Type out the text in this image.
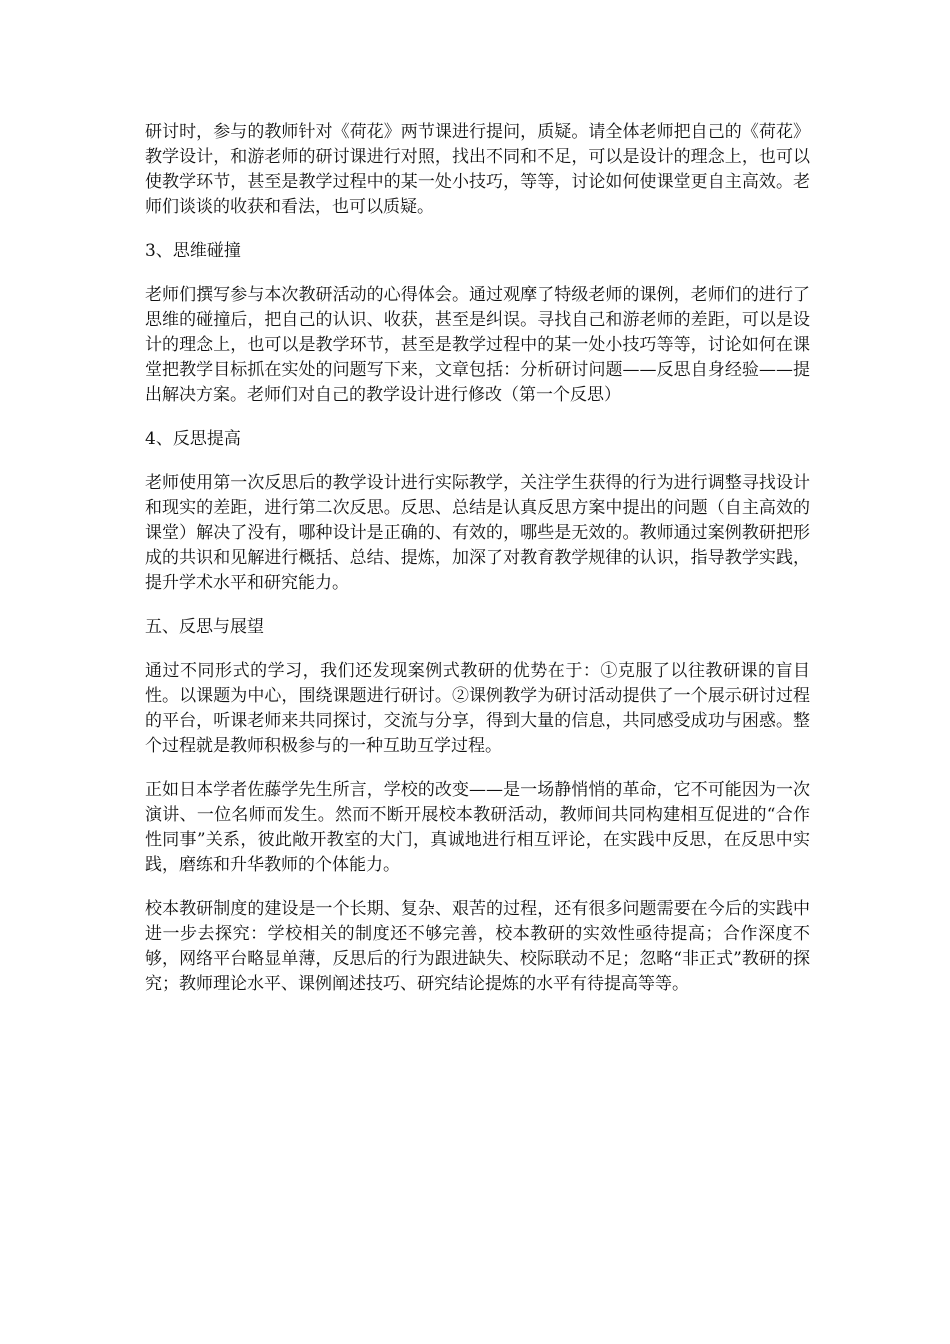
研讨时，参与的教师针对《荷花》两节课进行提问，质疑。请全体老师把自己的《荷花》教学设计，和游老师的研讨课进行对照，找出不同和不足，可以是设计的理念上，也可以使教学环节，甚至是教学过程中的某一处小技巧，等等，讨论如何使课堂更自主高效。老师们谈谈的收获和看法，也可以质疑。

3、思维碰撞

老师们撰写参与本次教研活动的心得体会。通过观摩了特级老师的课例，老师们的进行了思维的碰撞后，把自己的认识、收获，甚至是纠误。寻找自己和游老师的差距，可以是设计的理念上，也可以是教学环节，甚至是教学过程中的某一处小技巧等等，讨论如何在课堂把教学目标抓在实处的问题写下来，文章包括：分析研讨问题——反思自身经验——提出解决方案。老师们对自己的教学设计进行修改（第一个反思）

4、反思提高

老师使用第一次反思后的教学设计进行实际教学，关注学生获得的行为进行调整寻找设计和现实的差距，进行第二次反思。反思、总结是认真反思方案中提出的问题（自主高效的课堂）解决了没有，哪种设计是正确的、有效的，哪些是无效的。教师通过案例教研把形成的共识和见解进行概括、总结、提炼，加深了对教育教学规律的认识，指导教学实践，提升学术水平和研究能力。

五、反思与展望

通过不同形式的学习，我们还发现案例式教研的优势在于：①克服了以往教研课的盲目性。以课题为中心，围绕课题进行研讨。②课例教学为研讨活动提供了一个展示研讨过程的平台，听课老师来共同探讨，交流与分享，得到大量的信息，共同感受成功与困惑。整个过程就是教师积极参与的一种互助互学过程。

正如日本学者佐藤学先生所言，学校的改变——是一场静悄悄的革命，它不可能因为一次演讲、一位名师而发生。然而不断开展校本教研活动，教师间共同构建相互促进的“合作性同事”关系，彼此敞开教室的大门，真诚地进行相互评论，在实践中反思，在反思中实践，磨练和升华教师的个体能力。

校本教研制度的建设是一个长期、复杂、艰苦的过程，还有很多问题需要在今后的实践中进一步去探究：学校相关的制度还不够完善，校本教研的实效性亟待提高；合作深度不够，网络平台略显单薄，反思后的行为跟进缺失、校际联动不足；忽略“非正式”教研的探究；教师理论水平、课例阐述技巧、研究结论提炼的水平有待提高等等。
